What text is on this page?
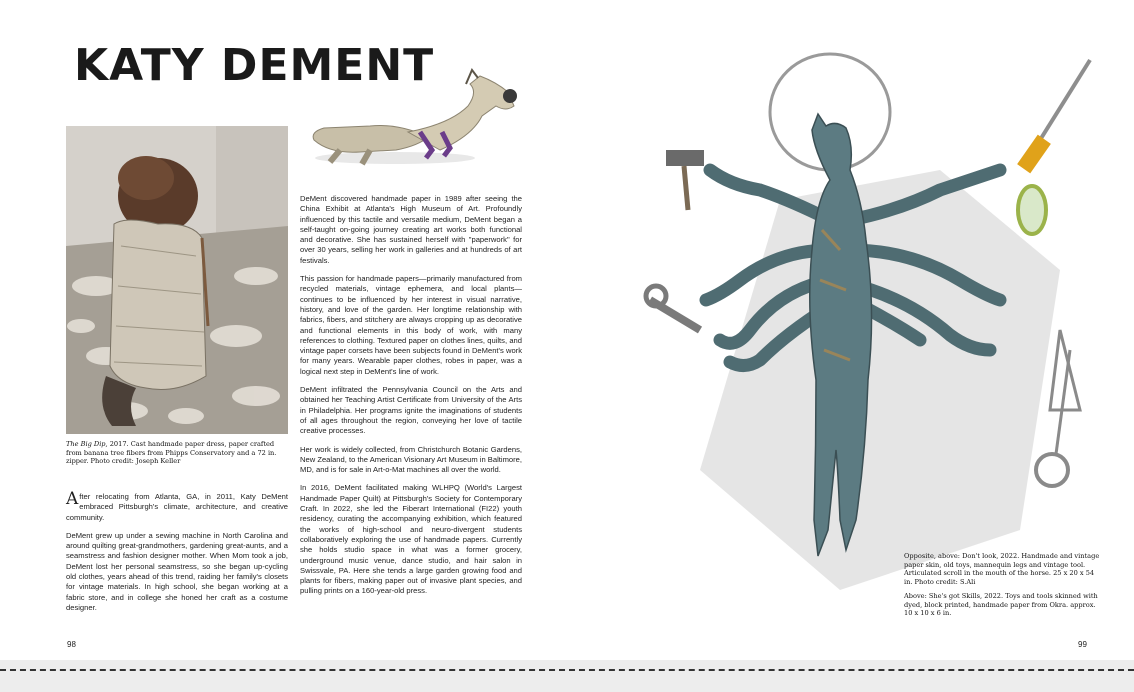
KATY DEMENT
The Big Dip, 2017. Cast handmade paper dress, paper crafted from banana tree fibers from Phipps Conservatory and a 72 in. zipper. Photo credit: Joseph Keller

After relocating from Atlanta, GA, in 2011, Katy DeMent embraced Pittsburgh's climate, architecture, and creative community.

DeMent grew up under a sewing machine in North Carolina and around quilting great-grandmothers, gardening great-aunts, and a seamstress and fashion designer mother. When Mom took a job, DeMent lost her personal seamstress, so she began up-cycling old clothes, years ahead of this trend, raiding her family's closets for vintage materials. In high school, she began working at a fabric store, and in college she honed her craft as a costume designer.

DeMent discovered handmade paper in 1989 after seeing the China Exhibit at Atlanta's High Museum of Art. Profoundly influenced by this tactile and versatile medium, DeMent began a self-taught on-going journey creating art works both functional and decorative. She has sustained herself with "paperwork" for over 30 years, selling her work in galleries and at hundreds of art festivals.

This passion for handmade papers—primarily manufactured from recycled materials, vintage ephemera, and local plants—continues to be influenced by her interest in visual narrative, history, and love of the garden. Her longtime relationship with fabrics, fibers, and stitchery are always cropping up as decorative and functional elements in this body of work, with many references to clothing. Textured paper on clothes lines, quilts, and vintage paper corsets have been subjects found in DeMent's work for many years. Wearable paper clothes, robes in paper, was a logical next step in DeMent's line of work.

DeMent infiltrated the Pennsylvania Council on the Arts and obtained her Teaching Artist Certificate from University of the Arts in Philadelphia. Her programs ignite the imaginations of students of all ages throughout the region, conveying her love of tactile creative processes.

Her work is widely collected, from Christchurch Botanic Gardens, New Zealand, to the American Visionary Art Museum in Baltimore, MD, and is for sale in Art-o-Mat machines all over the world.

In 2016, DeMent facilitated making WLHPQ (World's Largest Handmade Paper Quilt) at Pittsburgh's Society for Contemporary Craft. In 2022, she led the Fiberart International (FI22) youth residency, curating the accompanying exhibition, which featured the works of high-school and neuro-divergent students collaboratively exploring the use of handmade papers. Currently she holds studio space in what was a former grocery, underground music venue, dance studio, and hair salon in Swissvale, PA. Here she tends a large garden growing food and plants for fibers, making paper out of invasive plant species, and pulling prints on a 160-year-old press.

Opposite, above: Don't look, 2022. Handmade and vintage paper skin, old toys, mannequin legs and vintage tool. Articulated scroll in the mouth of the horse. 25 x 20 x 54 in. Photo credit: S.Ali
Above: She's got Skills, 2022. Toys and tools skinned with dyed, block printed, handmade paper from Okra. approx. 10 x 10 x 6 in.
98	99
